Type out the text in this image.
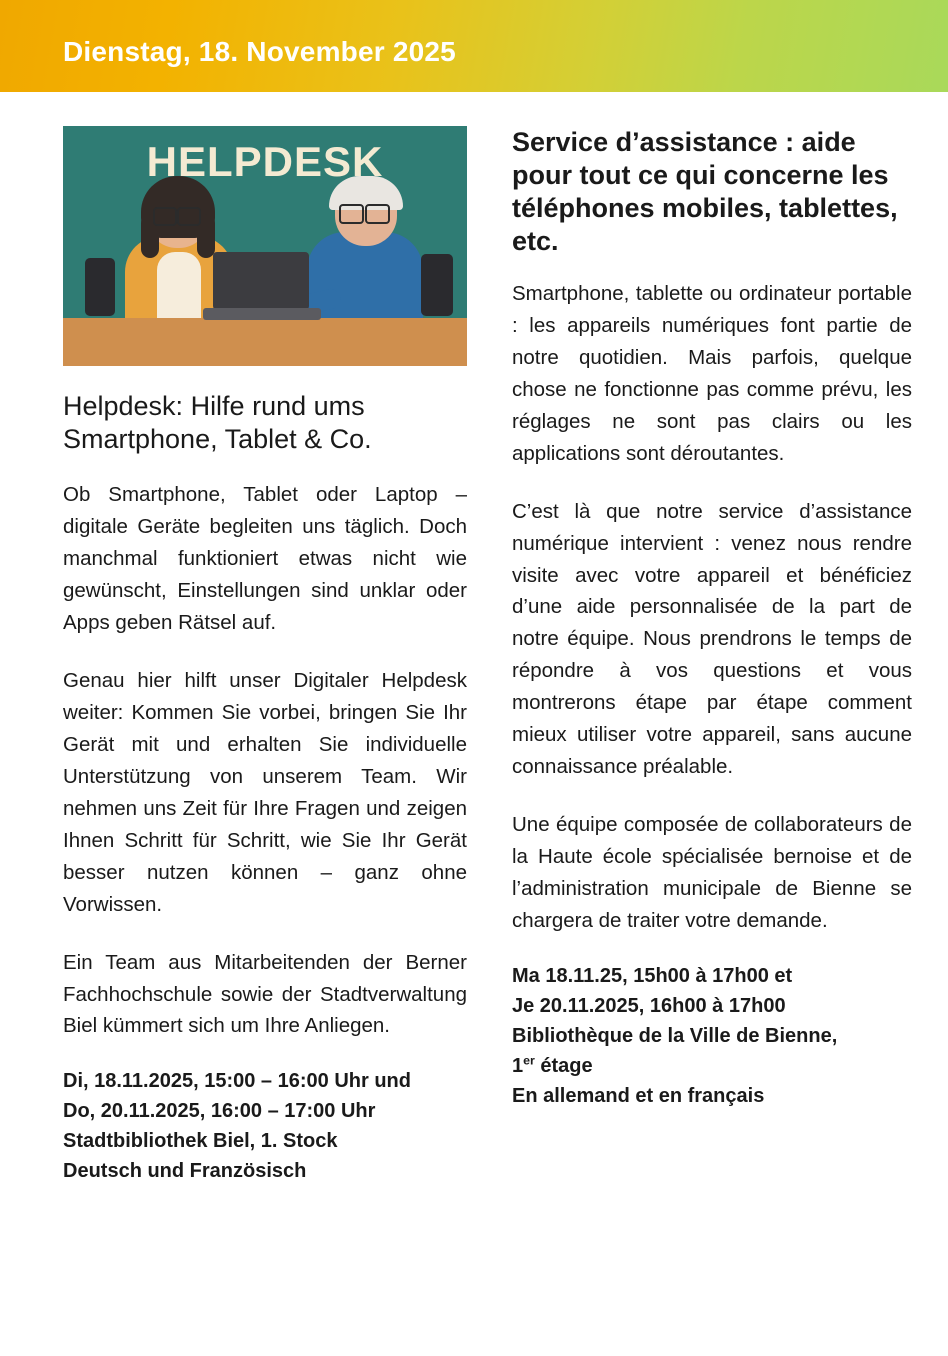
Dienstag, 18. November 2025
HELPDESK
Helpdesk: Hilfe rund ums Smartphone, Tablet & Co.

Ob Smartphone, Tablet oder Laptop – digitale Geräte begleiten uns täglich. Doch manchmal funktioniert etwas nicht wie gewünscht, Einstellungen sind unklar oder Apps geben Rätsel auf.

Genau hier hilft unser Digitaler Helpdesk weiter: Kommen Sie vorbei, bringen Sie Ihr Gerät mit und erhalten Sie individuelle Unterstützung von unserem Team. Wir nehmen uns Zeit für Ihre Fragen und zeigen Ihnen Schritt für Schritt, wie Sie Ihr Gerät besser nutzen können – ganz ohne Vorwissen.

Ein Team aus Mitarbeitenden der Berner Fachhochschule sowie der Stadtverwaltung Biel kümmert sich um Ihre Anliegen.

Di, 18.11.2025, 15:00 – 16:00 Uhr und
Do, 20.11.2025, 16:00 – 17:00 Uhr
Stadtbibliothek Biel, 1. Stock
Deutsch und Französisch
Service d’assistance : aide pour tout ce qui concerne les téléphones mobiles, tablettes, etc.

Smartphone, tablette ou ordinateur portable : les appareils numériques font partie de notre quotidien. Mais parfois, quelque chose ne fonctionne pas comme prévu, les réglages ne sont pas clairs ou les applications sont déroutantes.

C’est là que notre service d’assistance numérique intervient : venez nous rendre visite avec votre appareil et bénéficiez d’une aide personnalisée de la part de notre équipe. Nous prendrons le temps de répondre à vos questions et vous montrerons étape par étape comment mieux utiliser votre appareil, sans aucune connaissance préalable.

Une équipe composée de collaborateurs de la Haute école spécialisée bernoise et de l’administration municipale de Bienne se chargera de traiter votre demande.

Ma 18.11.25, 15h00 à 17h00 et
Je 20.11.2025, 16h00 à 17h00
Bibliothèque de la Ville de Bienne,
1er étage
En allemand et en français
